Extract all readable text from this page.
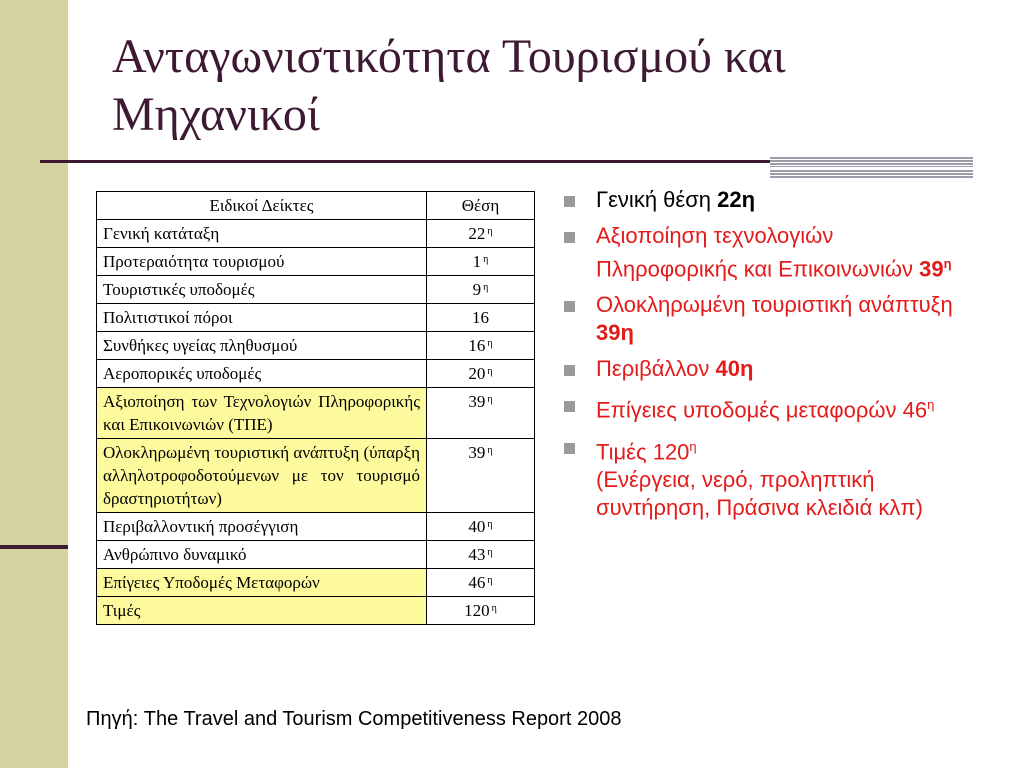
Ανταγωνιστικότητα Τουρισμού και Μηχανικοί
Ειδικοί Δείκτες	Θέση
Γενική κατάταξη	22 $^\eta$
Προτεραιότητα τουρισμού	1 $^\eta$
Τουριστικές υποδομές	9 $^\eta$
Πολιτιστικοί πόροι	16
Συνθήκες υγείας πληθυσμού	16 $^\eta$
Αεροπορικές υποδομές	20 $^\eta$
Αξιοποίηση των Τεχνολογιών Πληροφορικής και Επικοινωνιών (ΤΠΕ)	39 $^\eta$
Ολοκληρωμένη τουριστική ανάπτυξη (ύπαρξη αλληλοτροφοδοτούμενων με τον τουρισμό δραστηριοτήτων)	39 $^\eta$
Περιβαλλοντική προσέγγιση	40 $^\eta$
Ανθρώπινο δυναμικό	43 $^\eta$
Επίγειες Υποδομές Μεταφορών	46 $^\eta$
Τιμές	120 $^\eta$
Γενική θέση 22η
Αξιοποίηση τεχνολογιών Πληροφορικής και Επικοινωνιών $39^\eta$
Ολοκληρωμένη τουριστική ανάπτυξη 39η
Περιβάλλον 40η
Επίγειες υποδομές μεταφορών $46^\eta$
Τιμές $120^\eta$
(Ενέργεια, νερό, προληπτική συντήρηση, Πράσινα κλειδιά κλπ)
Πηγή: The Travel and Tourism Competitiveness Report 2008
